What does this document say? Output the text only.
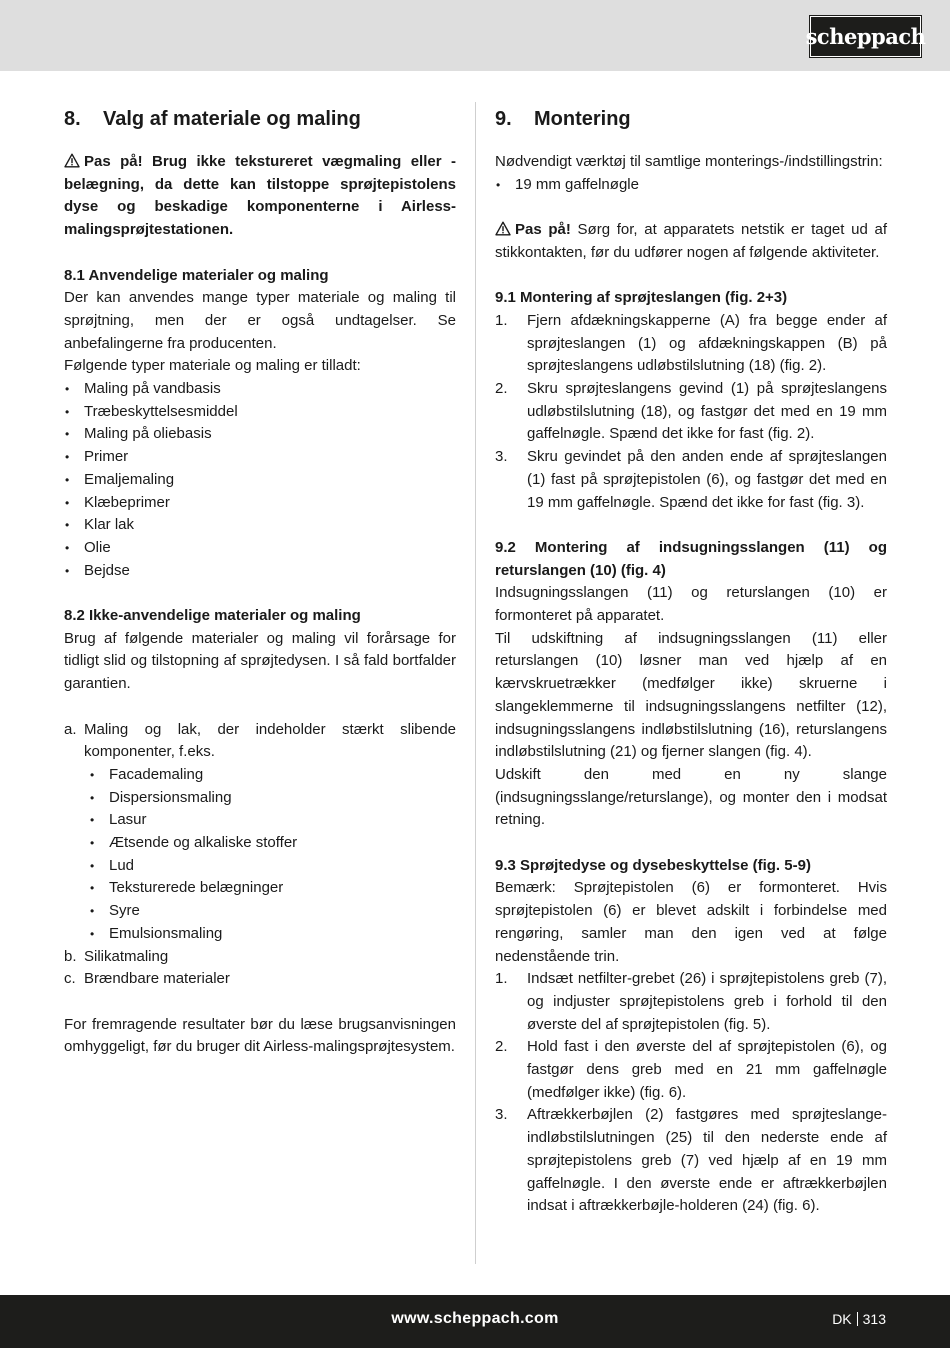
scheppach
8. Valg af materiale og maling

Pas på! Brug ikke tekstureret vægmaling eller -belægning, da dette kan tilstoppe sprøjtepistolens dyse og beskadige komponenterne i Airless-malingsprøjtestationen.

8.1 Anvendelige materialer og maling

Der kan anvendes mange typer materiale og maling til sprøjtning, men der er også undtagelser. Se anbefalingerne fra producenten.

Følgende typer materiale og maling er tilladt:

• Maling på vandbasis
• Træbeskyttelsesmiddel
• Maling på oliebasis
• Primer
• Emaljemaling
• Klæbeprimer
• Klar lak
• Olie
• Bejdse

8.2 Ikke-anvendelige materialer og maling

Brug af følgende materialer og maling vil forårsage for tidligt slid og tilstopning af sprøjtedysen. I så fald bortfalder garantien.

a. Maling og lak, der indeholder stærkt slibende komponenter, f.eks.
• Facademaling
• Dispersionsmaling
• Lasur
• Ætsende og alkaliske stoffer
• Lud
• Teksturerede belægninger
• Syre
• Emulsionsmaling
b. Silikatmaling
c. Brændbare materialer

For fremragende resultater bør du læse brugsanvisningen omhyggeligt, før du bruger dit Airless-malingsprøjtesystem.

9. Montering

Nødvendigt værktøj til samtlige monterings-/indstillingstrin:

• 19 mm gaffelnøgle

Pas på! Sørg for, at apparatets netstik er taget ud af stikkontakten, før du udfører nogen af følgende aktiviteter.

9.1 Montering af sprøjteslangen (fig. 2+3)

1.	Fjern afdækningskapperne (A) fra begge ender af sprøjteslangen (1) og afdækningskappen (B) på sprøjteslangens udløbstilslutning (18) (fig. 2).
2.	Skru sprøjteslangens gevind (1) på sprøjteslangens udløbstilslutning (18), og fastgør det med en 19 mm gaffelnøgle. Spænd det ikke for fast (fig. 2).
3.	Skru gevindet på den anden ende af sprøjteslangen (1) fast på sprøjtepistolen (6), og fastgør det med en 19 mm gaffelnøgle. Spænd det ikke for fast (fig. 3).

9.2 Montering af indsugningsslangen (11) og returslangen (10) (fig. 4)

Indsugningsslangen (11) og returslangen (10) er formonteret på apparatet.

Til udskiftning af indsugningsslangen (11) eller returslangen (10) løsner man ved hjælp af en kærvskruetrækker (medfølger ikke) skruerne i slangeklemmerne til indsugningsslangens netfilter (12), indsugningsslangens indløbstilslutning (16), returslangens indløbstilslutning (21) og fjerner slangen (fig. 4).

Udskift den med en ny slange (indsugningsslange/returslange), og monter den i modsat retning.

9.3 Sprøjtedyse og dysebeskyttelse (fig. 5-9)

Bemærk: Sprøjtepistolen (6) er formonteret. Hvis sprøjtepistolen (6) er blevet adskilt i forbindelse med rengøring, samler man den igen ved at følge nedenstående trin.

1.	Indsæt netfilter-grebet (26) i sprøjtepistolens greb (7), og indjuster sprøjtepistolens greb i forhold til den øverste del af sprøjtepistolen (fig. 5).
2.	Hold fast i den øverste del af sprøjtepistolen (6), og fastgør dens greb med en 21 mm gaffelnøgle (medfølger ikke) (fig. 6).
3.	Aftrækkerbøjlen (2) fastgøres med sprøjteslange-indløbstilslutningen (25) til den nederste ende af sprøjtepistolens greb (7) ved hjælp af en 19 mm gaffelnøgle. I den øverste ende er aftrækkerbøjlen indsat i aftrækkerbøjle-holderen (24) (fig. 6).
www.scheppach.com	DK 313
